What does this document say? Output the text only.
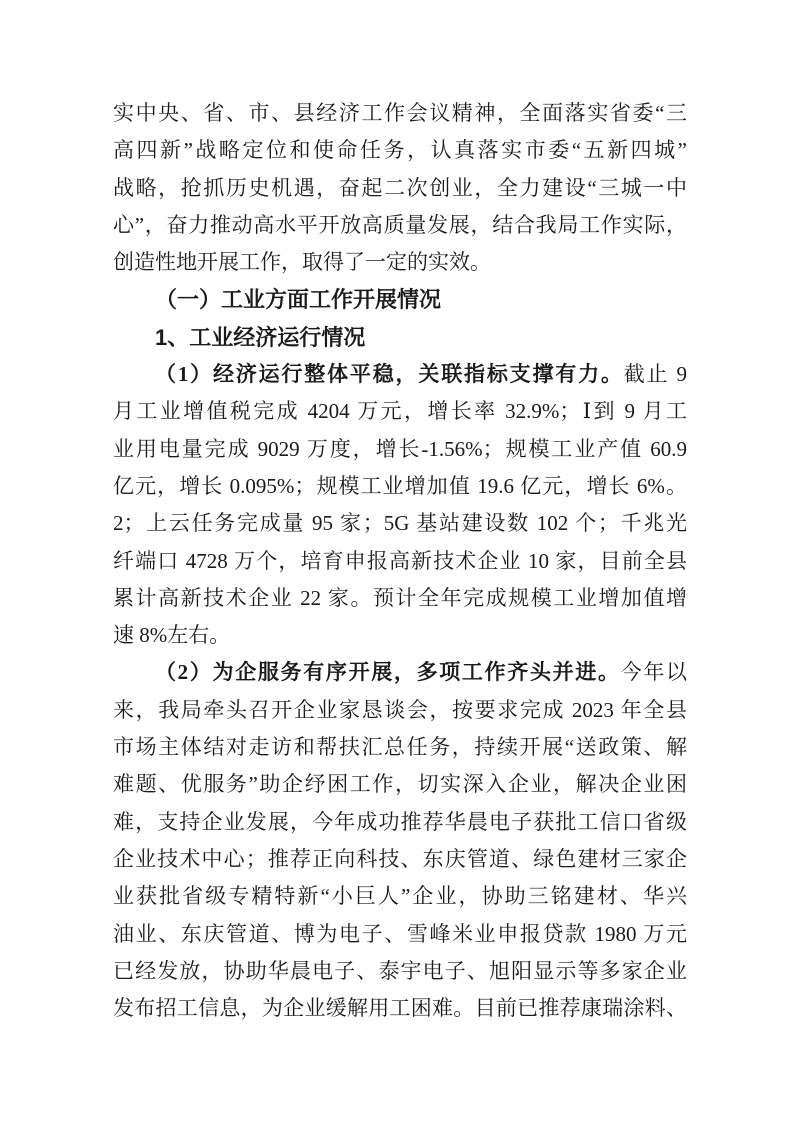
实中央、省、市、县经济工作会议精神，全面落实省委“三
高四新”战略定位和使命任务，认真落实市委“五新四城”
战略，抢抓历史机遇，奋起二次创业，全力建设“三城一中
心”，奋力推动高水平开放高质量发展，结合我局工作实际，
创造性地开展工作，取得了一定的实效。
（一）工业方面工作开展情况
1、工业经济运行情况
（1）经济运行整体平稳，关联指标支撑有力。截止 9
月工业增值税完成 4204 万元，增长率 32.9%；Ⅰ到 9 月工
业用电量完成 9029 万度，增长-1.56%；规模工业产值 60.9
亿元，增长 0.095%；规模工业增加值 19.6 亿元，增长 6%。
2；上云任务完成量 95 家；5G 基站建设数 102 个；千兆光
纤端口 4728 万个，培育申报高新技术企业 10 家，目前全县
累计高新技术企业 22 家。预计全年完成规模工业增加值增
速 8%左右。
（2）为企服务有序开展，多项工作齐头并进。今年以
来，我局牵头召开企业家恳谈会，按要求完成 2023 年全县
市场主体结对走访和帮扶汇总任务，持续开展“送政策、解
难题、优服务”助企纾困工作，切实深入企业，解决企业困
难，支持企业发展，今年成功推荐华晨电子获批工信口省级
企业技术中心；推荐正向科技、东庆管道、绿色建材三家企
业获批省级专精特新“小巨人”企业，协助三铭建材、华兴
油业、东庆管道、博为电子、雪峰米业申报贷款 1980 万元
已经发放，协助华晨电子、泰宇电子、旭阳显示等多家企业
发布招工信息，为企业缓解用工困难。目前已推荐康瑞涂料、
